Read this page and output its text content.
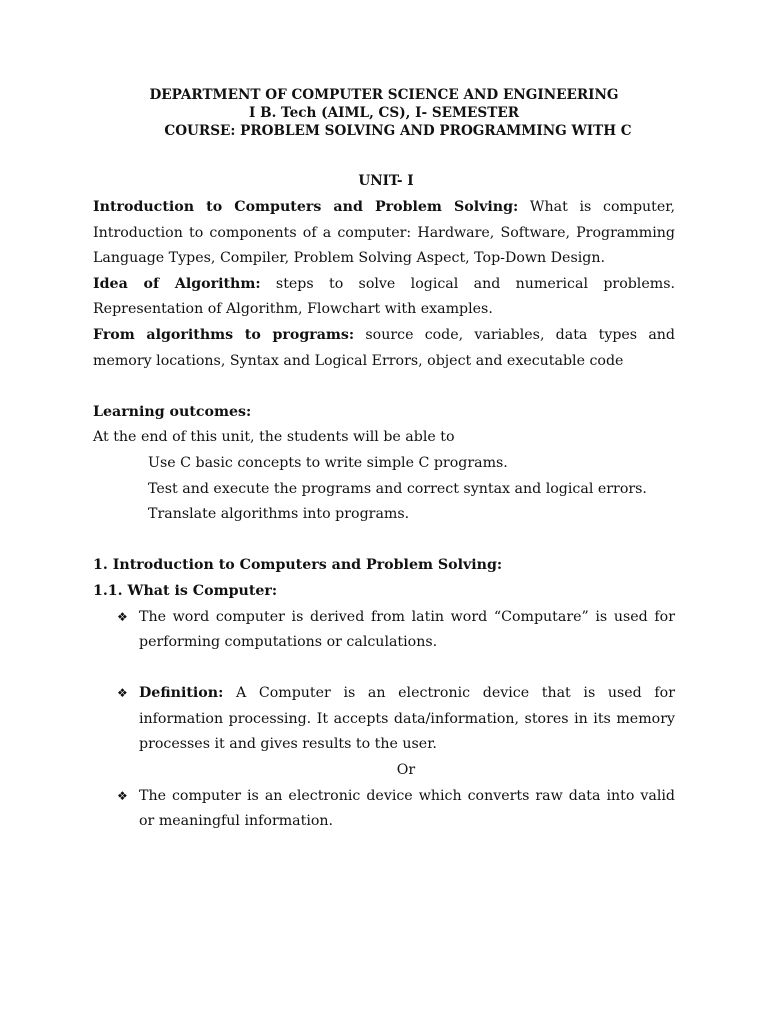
DEPARTMENT OF COMPUTER SCIENCE AND ENGINEERING
I B. Tech (AIML, CS), I- SEMESTER
COURSE: PROBLEM SOLVING AND PROGRAMMING WITH C
UNIT- I

Introduction to Computers and Problem Solving: What is computer, Introduction to components of a computer: Hardware, Software, Programming Language Types, Compiler, Problem Solving Aspect, Top-Down Design.

Idea of Algorithm: steps to solve logical and numerical problems. Representation of Algorithm, Flowchart with examples.

From algorithms to programs: source code, variables, data types and memory locations, Syntax and Logical Errors, object and executable code

Learning outcomes:

At the end of this unit, the students will be able to

Use C basic concepts to write simple C programs.

Test and execute the programs and correct syntax and logical errors.

Translate algorithms into programs.

1. Introduction to Computers and Problem Solving:

1.1. What is Computer:

❖ The word computer is derived from latin word “Computare” is used for performing computations or calculations.

❖ Definition: A Computer is an electronic device that is used for information processing. It accepts data/information, stores in its memory processes it and gives results to the user.

Or

❖ The computer is an electronic device which converts raw data into valid or meaningful information.
